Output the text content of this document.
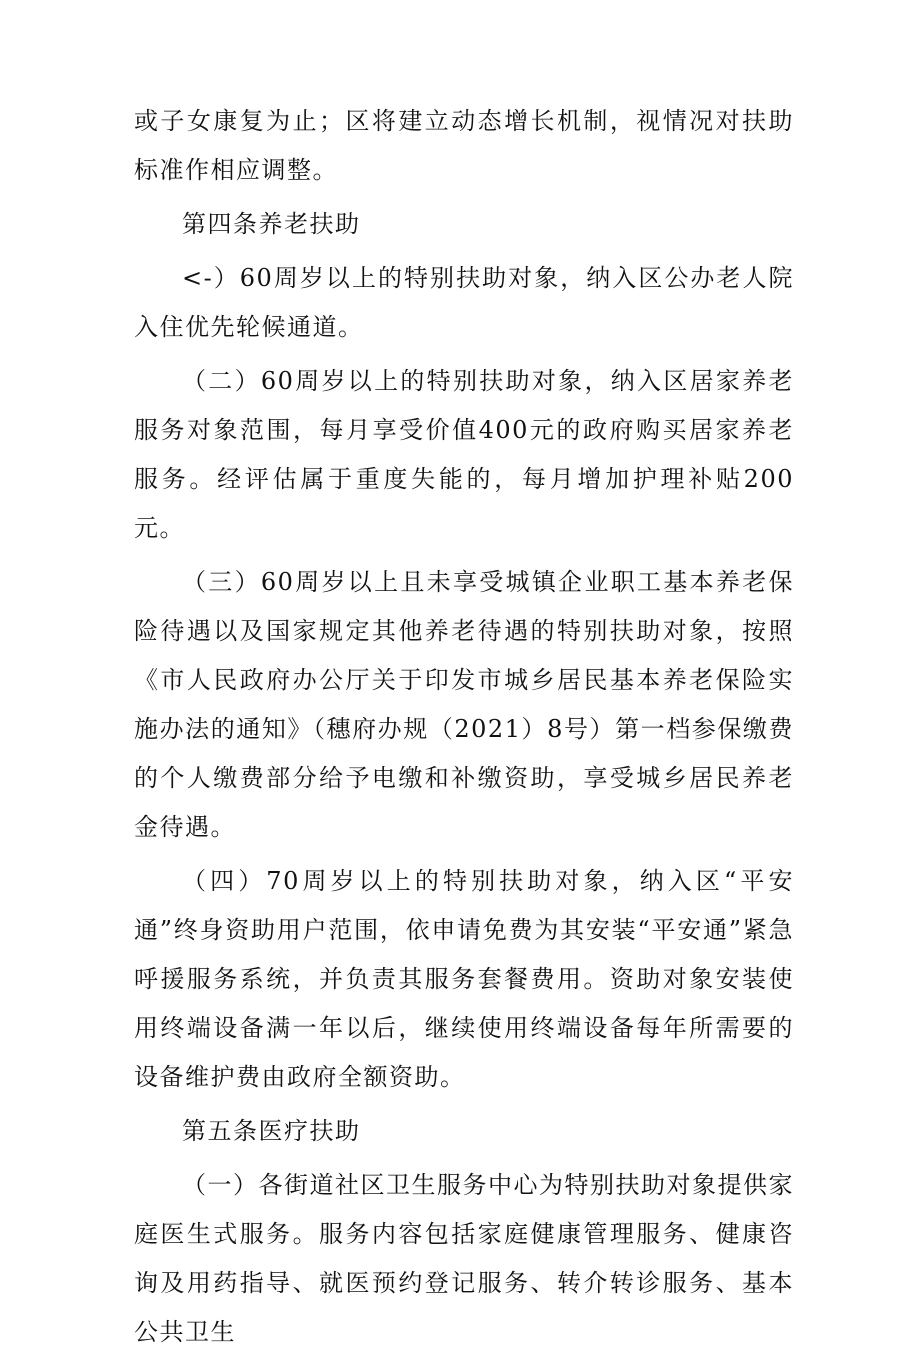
或子女康复为止；区将建立动态增长机制，视情况对扶助标准作相应调整。

第四条养老扶助

<-）60周岁以上的特别扶助对象，纳入区公办老人院入住优先轮候通道。

（二）60周岁以上的特别扶助对象，纳入区居家养老服务对象范围，每月享受价值400元的政府购买居家养老服务。经评估属于重度失能的，每月增加护理补贴200元。

（三）60周岁以上且未享受城镇企业职工基本养老保险待遇以及国家规定其他养老待遇的特别扶助对象，按照《市人民政府办公厅关于印发市城乡居民基本养老保险实施办法的通知》（穗府办规（2021）8号）第一档参保缴费的个人缴费部分给予电缴和补缴资助，享受城乡居民养老金待遇。

（四）70周岁以上的特别扶助对象，纳入区“平安通”终身资助用户范围，依申请免费为其安装“平安通”紧急呼援服务系统，并负责其服务套餐费用。资助对象安装使用终端设备满一年以后，继续使用终端设备每年所需要的设备维护费由政府全额资助。

第五条医疗扶助

（一）各街道社区卫生服务中心为特别扶助对象提供家庭医生式服务。服务内容包括家庭健康管理服务、健康咨询及用药指导、就医预约登记服务、转介转诊服务、基本公共卫生
